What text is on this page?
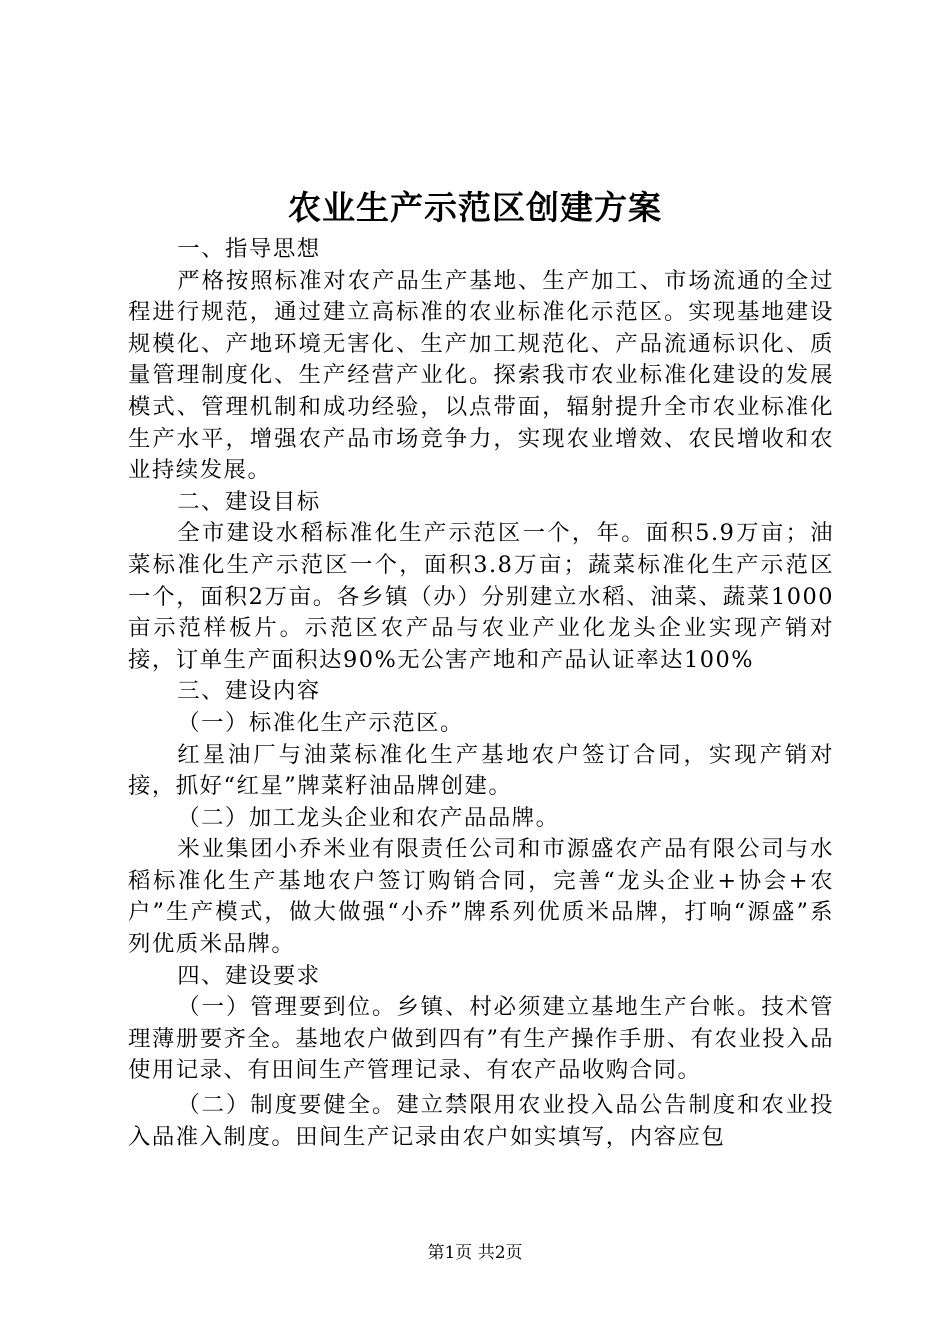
农业生产示范区创建方案

一、指导思想

严格按照标准对农产品生产基地、生产加工、市场流通的全过程进行规范，通过建立高标准的农业标准化示范区。实现基地建设规模化、产地环境无害化、生产加工规范化、产品流通标识化、质量管理制度化、生产经营产业化。探索我市农业标准化建设的发展模式、管理机制和成功经验，以点带面，辐射提升全市农业标准化生产水平，增强农产品市场竞争力，实现农业增效、农民增收和农业持续发展。

二、建设目标

全市建设水稻标准化生产示范区一个，年。面积5.9万亩；油菜标准化生产示范区一个，面积3.8万亩；蔬菜标准化生产示范区一个，面积2万亩。各乡镇（办）分别建立水稻、油菜、蔬菜1000亩示范样板片。示范区农产品与农业产业化龙头企业实现产销对接，订单生产面积达90%无公害产地和产品认证率达100%

三、建设内容

（一）标准化生产示范区。

红星油厂与油菜标准化生产基地农户签订合同，实现产销对接，抓好“红星”牌菜籽油品牌创建。

（二）加工龙头企业和农产品品牌。

米业集团小乔米业有限责任公司和市源盛农产品有限公司与水稻标准化生产基地农户签订购销合同，完善“龙头企业+协会+农户”生产模式，做大做强“小乔”牌系列优质米品牌，打响“源盛”系列优质米品牌。

四、建设要求

（一）管理要到位。乡镇、村必须建立基地生产台帐。技术管理薄册要齐全。基地农户做到四有”有生产操作手册、有农业投入品使用记录、有田间生产管理记录、有农产品收购合同。

（二）制度要健全。建立禁限用农业投入品公告制度和农业投入品准入制度。田间生产记录由农户如实填写，内容应包

第1页 共2页
